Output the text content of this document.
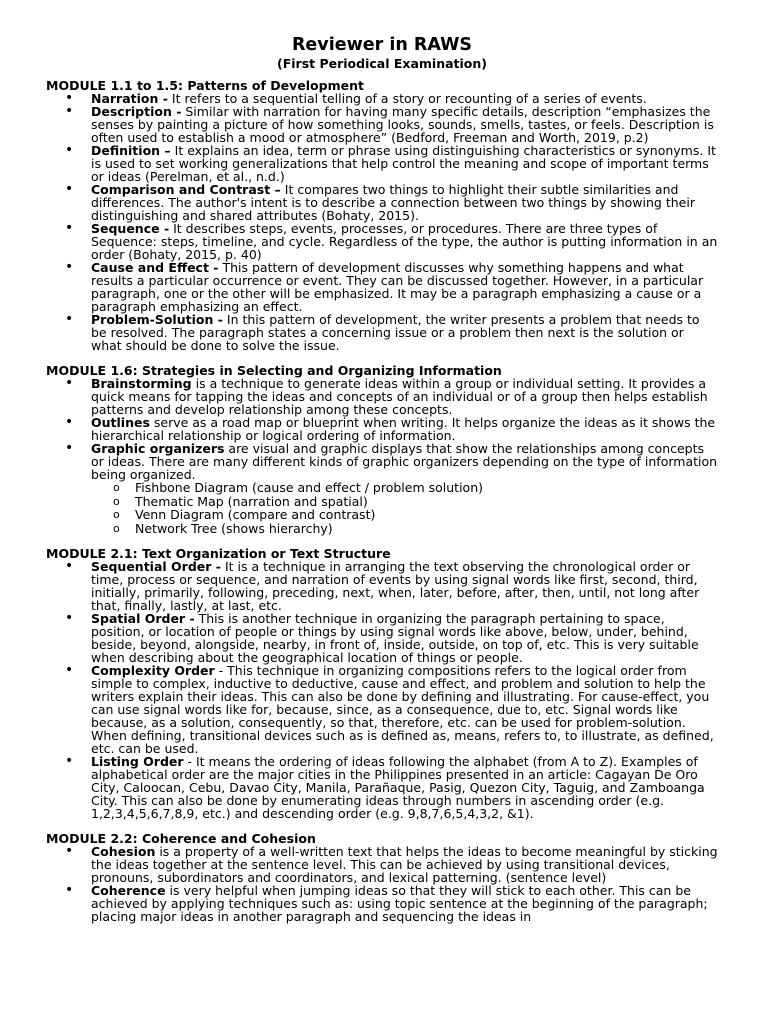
Reviewer in RAWS
(First Periodical Examination)
MODULE 1.1 to 1.5: Patterns of Development
• Narration - It refers to a sequential telling of a story or recounting of a series of events.
• Description - Similar with narration for having many specific details, description “emphasizes the senses by painting a picture of how something looks, sounds, smells, tastes, or feels. Description is often used to establish a mood or atmosphere” (Bedford, Freeman and Worth, 2019, p.2)
• Definition – It explains an idea, term or phrase using distinguishing characteristics or synonyms. It is used to set working generalizations that help control the meaning and scope of important terms or ideas (Perelman, et al., n.d.)
• Comparison and Contrast – It compares two things to highlight their subtle similarities and differences. The author's intent is to describe a connection between two things by showing their distinguishing and shared attributes (Bohaty, 2015).
• Sequence - It describes steps, events, processes, or procedures. There are three types of Sequence: steps, timeline, and cycle. Regardless of the type, the author is putting information in an order (Bohaty, 2015, p. 40)
• Cause and Effect - This pattern of development discusses why something happens and what results a particular occurrence or event. They can be discussed together. However, in a particular paragraph, one or the other will be emphasized. It may be a paragraph emphasizing a cause or a paragraph emphasizing an effect.
• Problem-Solution - In this pattern of development, the writer presents a problem that needs to be resolved. The paragraph states a concerning issue or a problem then next is the solution or what should be done to solve the issue.
MODULE 1.6: Strategies in Selecting and Organizing Information
• Brainstorming is a technique to generate ideas within a group or individual setting. It provides a quick means for tapping the ideas and concepts of an individual or of a group then helps establish patterns and develop relationship among these concepts.
• Outlines serve as a road map or blueprint when writing. It helps organize the ideas as it shows the hierarchical relationship or logical ordering of information.
• Graphic organizers are visual and graphic displays that show the relationships among concepts or ideas. There are many different kinds of graphic organizers depending on the type of information being organized.
o Fishbone Diagram (cause and effect / problem solution)
o Thematic Map (narration and spatial)
o Venn Diagram (compare and contrast)
o Network Tree (shows hierarchy)
MODULE 2.1: Text Organization or Text Structure
• Sequential Order - It is a technique in arranging the text observing the chronological order or time, process or sequence, and narration of events by using signal words like first, second, third, initially, primarily, following, preceding, next, when, later, before, after, then, until, not long after that, finally, lastly, at last, etc.
• Spatial Order - This is another technique in organizing the paragraph pertaining to space, position, or location of people or things by using signal words like above, below, under, behind, beside, beyond, alongside, nearby, in front of, inside, outside, on top of, etc. This is very suitable when describing about the geographical location of things or people.
• Complexity Order - This technique in organizing compositions refers to the logical order from simple to complex, inductive to deductive, cause and effect, and problem and solution to help the writers explain their ideas. This can also be done by defining and illustrating. For cause-effect, you can use signal words like for, because, since, as a consequence, due to, etc. Signal words like because, as a solution, consequently, so that, therefore, etc. can be used for problem-solution. When defining, transitional devices such as is defined as, means, refers to, to illustrate, as defined, etc. can be used.
• Listing Order - It means the ordering of ideas following the alphabet (from A to Z). Examples of alphabetical order are the major cities in the Philippines presented in an article: Cagayan De Oro City, Caloocan, Cebu, Davao City, Manila, Parañaque, Pasig, Quezon City, Taguig, and Zamboanga City. This can also be done by enumerating ideas through numbers in ascending order (e.g. 1,2,3,4,5,6,7,8,9, etc.) and descending order (e.g. 9,8,7,6,5,4,3,2, &1).
MODULE 2.2: Coherence and Cohesion
• Cohesion is a property of a well-written text that helps the ideas to become meaningful by sticking the ideas together at the sentence level. This can be achieved by using transitional devices, pronouns, subordinators and coordinators, and lexical patterning. (sentence level)
• Coherence is very helpful when jumping ideas so that they will stick to each other. This can be achieved by applying techniques such as: using topic sentence at the beginning of the paragraph; placing major ideas in another paragraph and sequencing the ideas in
